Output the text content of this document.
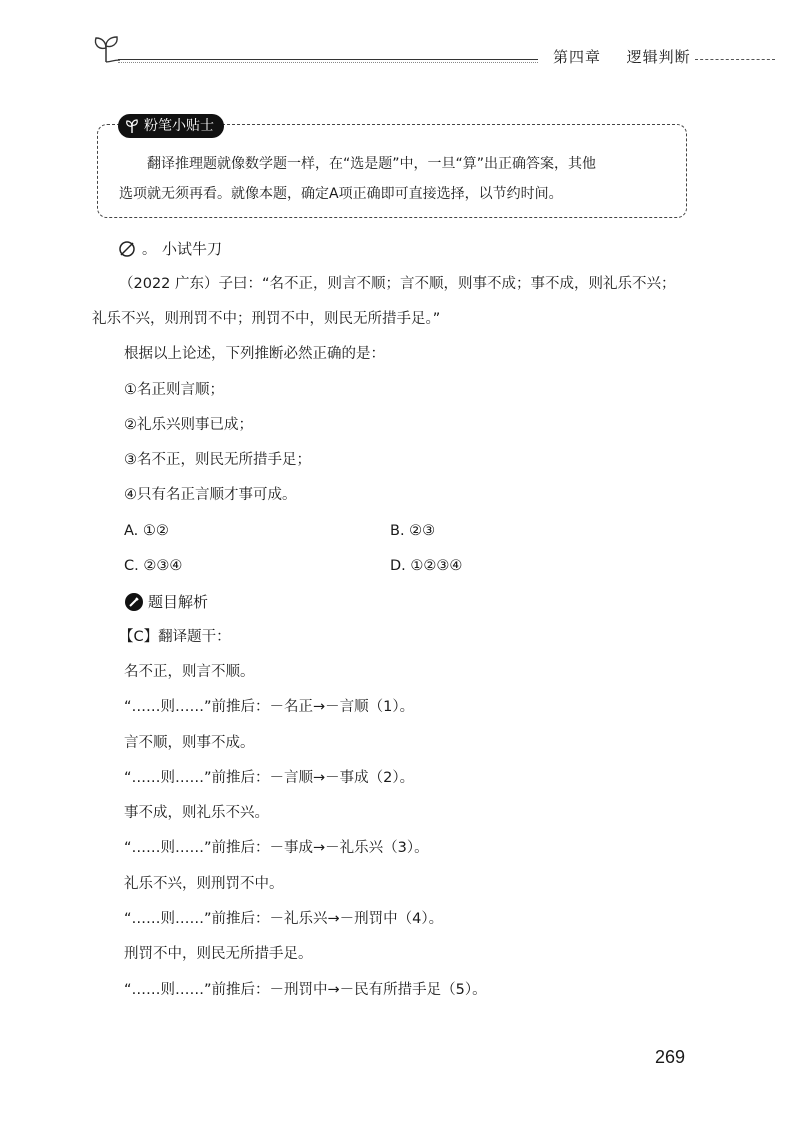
第四章 逻辑判断
粉笔小贴士
翻译推理题就像数学题一样，在“选是题”中，一旦“算”出正确答案，其他
选项就无须再看。就像本题，确定A项正确即可直接选择，以节约时间。
。 小试牛刀
（2022 广东）子曰：“名不正，则言不顺；言不顺，则事不成；事不成，则礼乐不兴；
礼乐不兴，则刑罚不中；刑罚不中，则民无所措手足。”
根据以上论述，下列推断必然正确的是：
①名正则言顺；
②礼乐兴则事已成；
③名不正，则民无所措手足；
④只有名正言顺才事可成。
A. ①②	B. ②③
C. ②③④	D. ①②③④
题目解析
【C】翻译题干：
名不正，则言不顺。
“……则……”前推后：－名正→－言顺（1）。
言不顺，则事不成。
“……则……”前推后：－言顺→－事成（2）。
事不成，则礼乐不兴。
“……则……”前推后：－事成→－礼乐兴（3）。
礼乐不兴，则刑罚不中。
“……则……”前推后：－礼乐兴→－刑罚中（4）。
刑罚不中，则民无所措手足。
“……则……”前推后：－刑罚中→－民有所措手足（5）。
269
